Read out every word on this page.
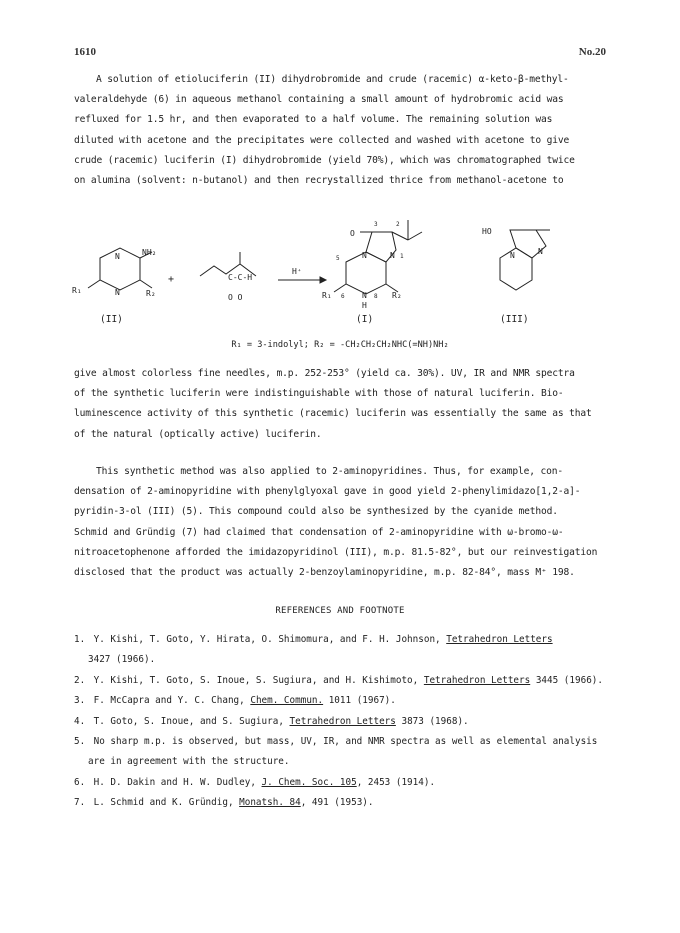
1610	No.20
A solution of etioluciferin (II) dihydrobromide and crude (racemic) α-keto-β-methyl-
valeraldehyde (6) in aqueous methanol containing a small amount of hydrobromic acid was
refluxed for 1.5 hr, and then evaporated to a half volume. The remaining solution was
diluted with acetone and the precipitates were collected and washed with acetone to give
crude (racemic) luciferin (I) dihydrobromide (yield 70%), which was chromatographed twice
on alumina (solvent: n-butanol) and then recrystallized thrice from methanol-acetone to
N	NH₂
R₁	N	R₂
C-C-H
O O
H⁺
+
O
3	2
N	N 1
5
R₁ 6 N 8 R₂
H
HO
N	N
(II)	(I)	(III)
R₁ = 3-indolyl; R₂ = -CH₂CH₂CH₂NHC(=NH)NH₂
give almost colorless fine needles, m.p. 252-253° (yield ca. 30%). UV, IR and NMR spectra
of the synthetic luciferin were indistinguishable with those of natural luciferin. Bio-
luminescence activity of this synthetic (racemic) luciferin was essentially the same as that
of the natural (optically active) luciferin.
This synthetic method was also applied to 2-aminopyridines. Thus, for example, con-
densation of 2-aminopyridine with phenylglyoxal gave in good yield 2-phenylimidazo[1,2-a]-
pyridin-3-ol (III) (5). This compound could also be synthesized by the cyanide method.
Schmid and Gründig (7) had claimed that condensation of 2-aminopyridine with ω-bromo-ω-
nitroacetophenone afforded the imidazopyridinol (III), m.p. 81.5-82°, but our reinvestigation
disclosed that the product was actually 2-benzoylaminopyridine, m.p. 82-84°, mass M⁺ 198.
REFERENCES AND FOOTNOTE
1. Y. Kishi, T. Goto, Y. Hirata, O. Shimomura, and F. H. Johnson, Tetrahedron Letters
3427 (1966).
2. Y. Kishi, T. Goto, S. Inoue, S. Sugiura, and H. Kishimoto, Tetrahedron Letters 3445 (1966).
3. F. McCapra and Y. C. Chang, Chem. Commun. 1011 (1967).
4. T. Goto, S. Inoue, and S. Sugiura, Tetrahedron Letters 3873 (1968).
5. No sharp m.p. is observed, but mass, UV, IR, and NMR spectra as well as elemental analysis
are in agreement with the structure.
6. H. D. Dakin and H. W. Dudley, J. Chem. Soc. 105, 2453 (1914).
7. L. Schmid and K. Gründig, Monatsh. 84, 491 (1953).
